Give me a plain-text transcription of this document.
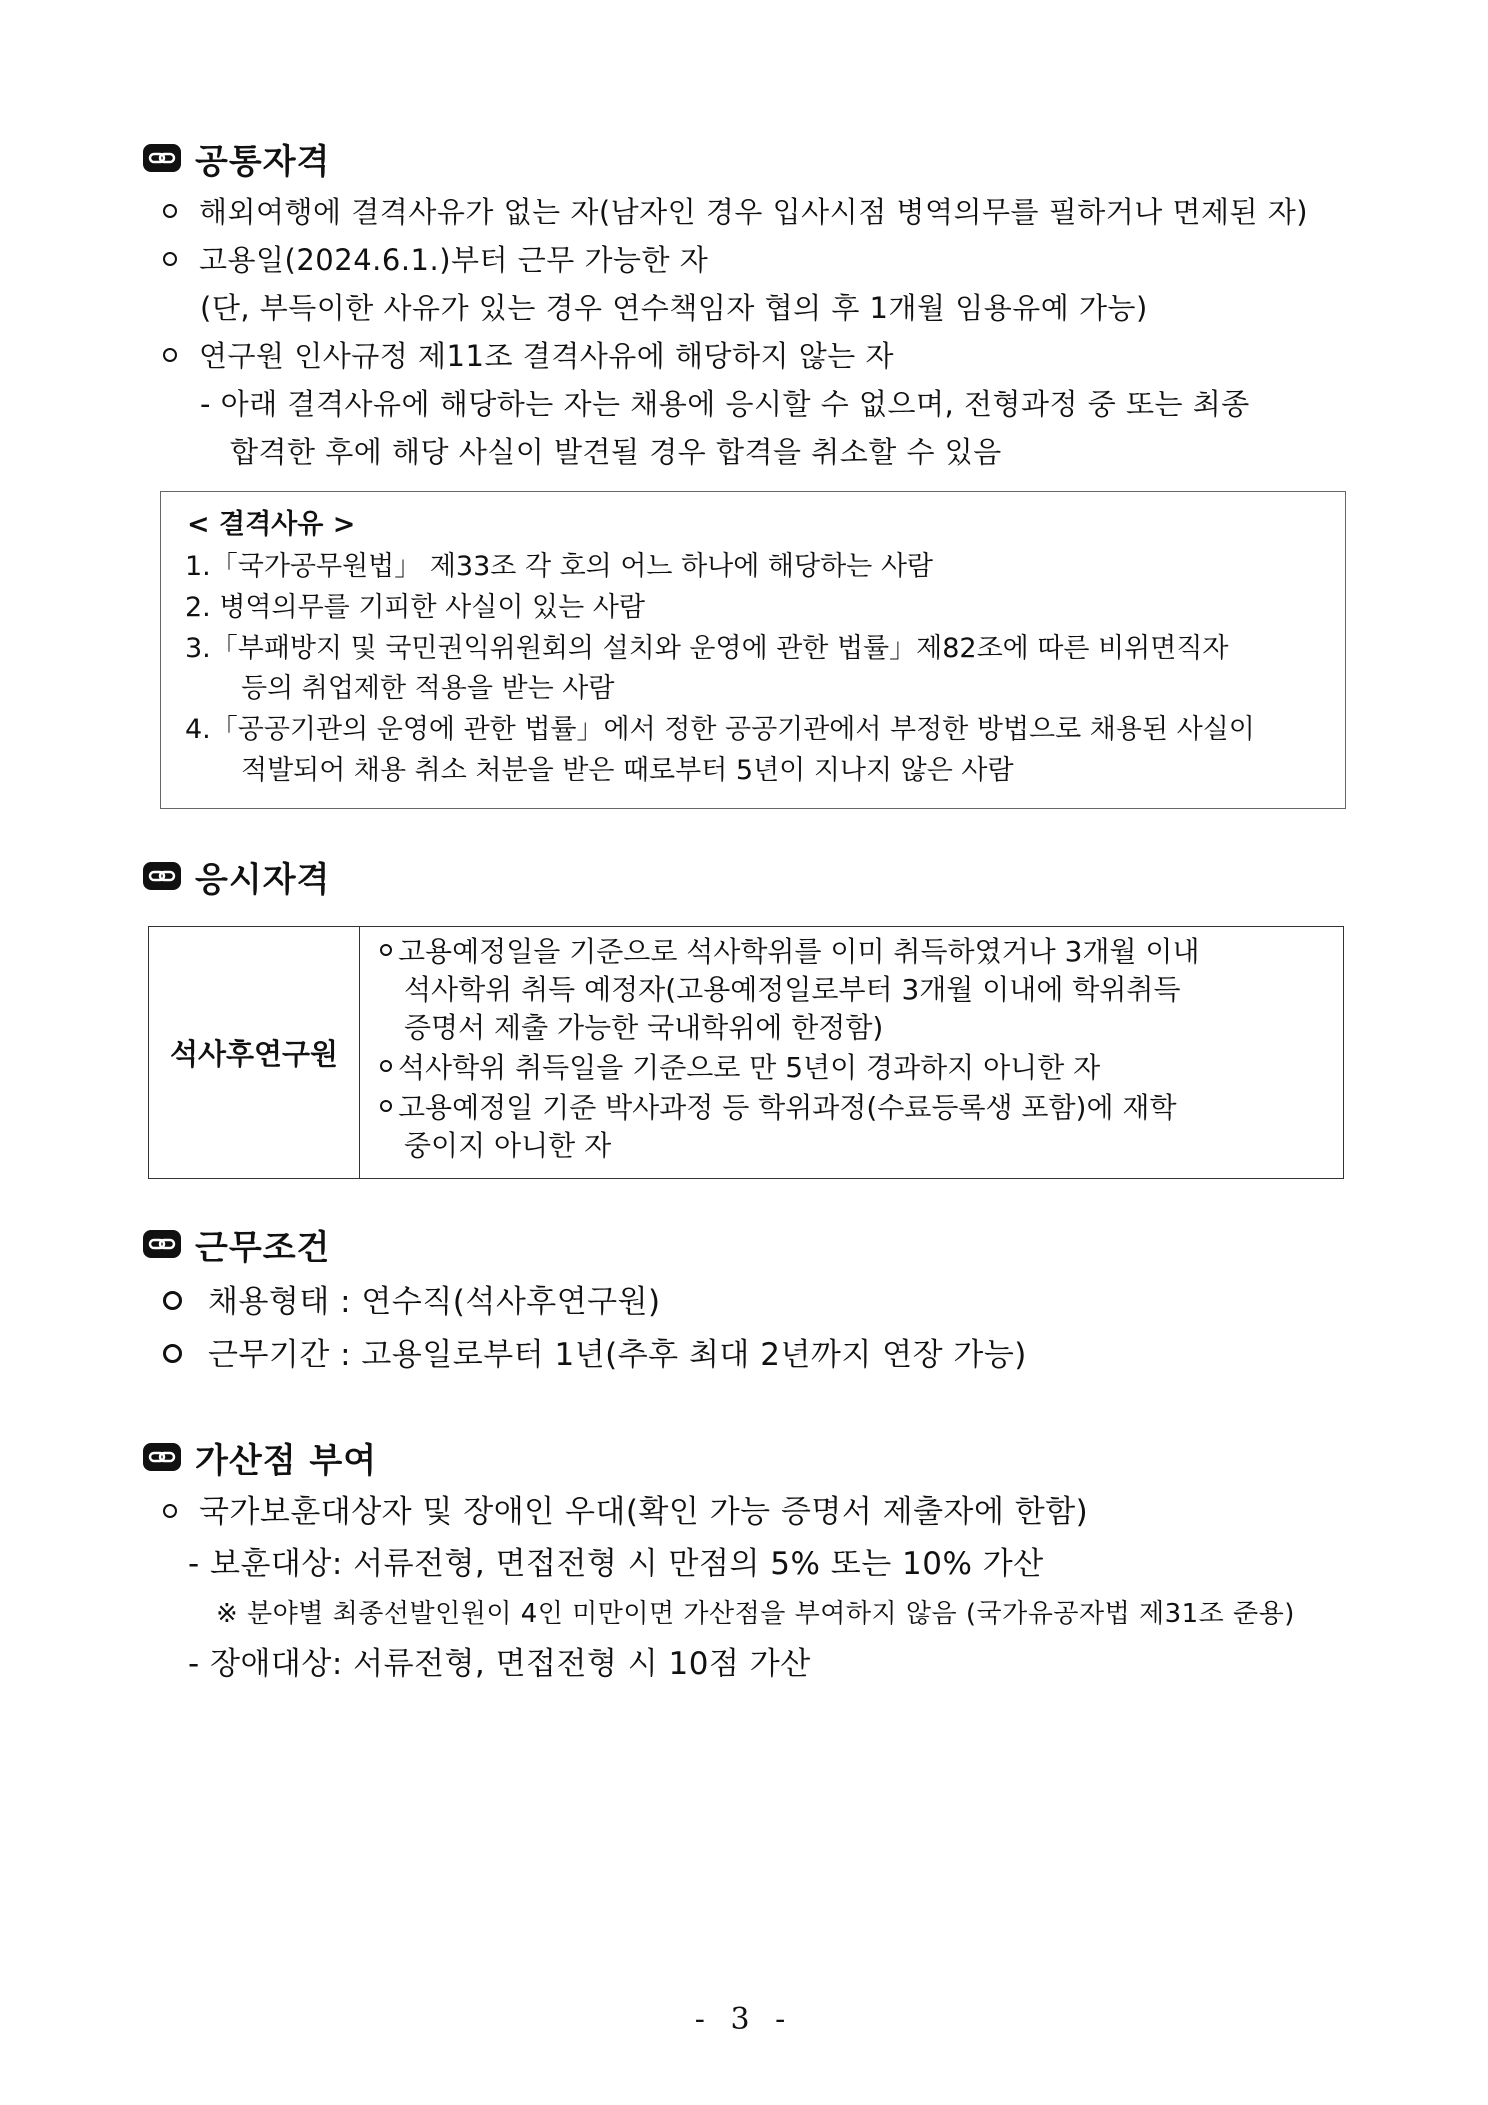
공통자격
해외여행에 결격사유가 없는 자(남자인 경우 입사시점 병역의무를 필하거나 면제된 자)
고용일(2024.6.1.)부터 근무 가능한 자
(단, 부득이한 사유가 있는 경우 연수책임자 협의 후 1개월 임용유예 가능)
연구원 인사규정 제11조 결격사유에 해당하지 않는 자
- 아래 결격사유에 해당하는 자는 채용에 응시할 수 없으며, 전형과정 중 또는 최종
합격한 후에 해당 사실이 발견될 경우 합격을 취소할 수 있음
< 결격사유 >
1.「국가공무원법」 제33조 각 호의 어느 하나에 해당하는 사람
2. 병역의무를 기피한 사실이 있는 사람
3.「부패방지 및 국민권익위원회의 설치와 운영에 관한 법률」제82조에 따른 비위면직자
등의 취업제한 적용을 받는 사람
4.「공공기관의 운영에 관한 법률」에서 정한 공공기관에서 부정한 방법으로 채용된 사실이
적발되어 채용 취소 처분을 받은 때로부터 5년이 지나지 않은 사람
응시자격
석사후연구원
고용예정일을 기준으로 석사학위를 이미 취득하였거나 3개월 이내
석사학위 취득 예정자(고용예정일로부터 3개월 이내에 학위취득
증명서 제출 가능한 국내학위에 한정함)
석사학위 취득일을 기준으로 만 5년이 경과하지 아니한 자
고용예정일 기준 박사과정 등 학위과정(수료등록생 포함)에 재학
중이지 아니한 자
근무조건
채용형태 : 연수직(석사후연구원)
근무기간 : 고용일로부터 1년(추후 최대 2년까지 연장 가능)
가산점 부여
국가보훈대상자 및 장애인 우대(확인 가능 증명서 제출자에 한함)
- 보훈대상: 서류전형, 면접전형 시 만점의 5% 또는 10% 가산
※ 분야별 최종선발인원이 4인 미만이면 가산점을 부여하지 않음 (국가유공자법 제31조 준용)
- 장애대상: 서류전형, 면접전형 시 10점 가산
- 3 -
